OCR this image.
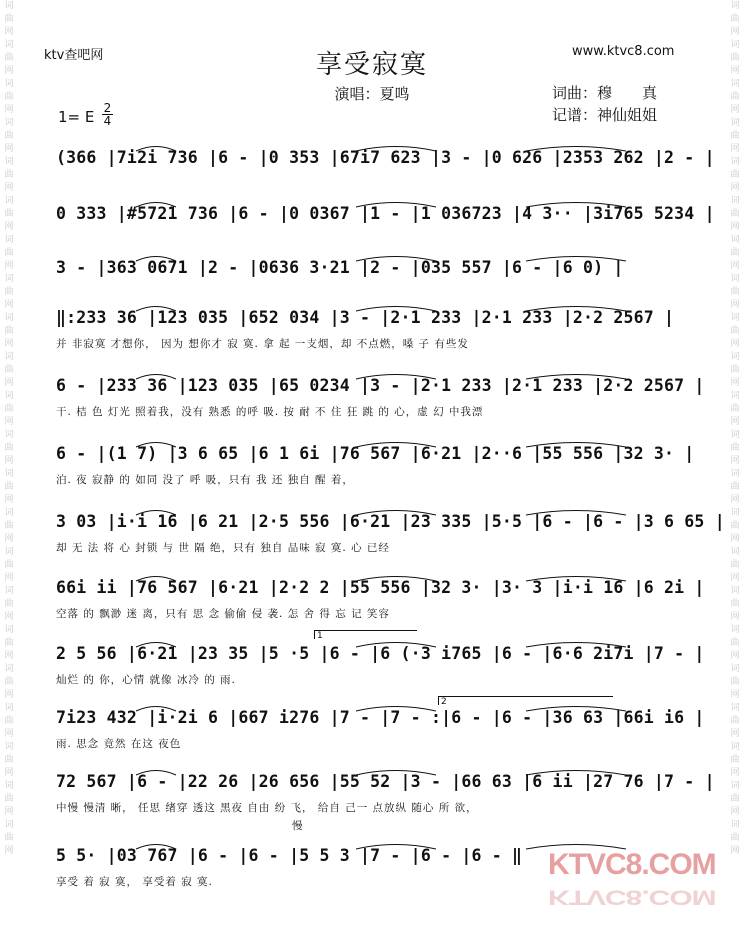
词曲网词曲网词曲网词曲网词曲网词曲网词曲网词曲网词曲网词曲网词曲网词曲网词曲网词曲网词曲网词曲网词曲网词曲网词曲网词曲网词曲网词曲网
词曲网词曲网词曲网词曲网词曲网词曲网词曲网词曲网词曲网词曲网词曲网词曲网词曲网词曲网词曲网词曲网词曲网词曲网词曲网词曲网词曲网词曲网
ktv查吧网	www.ktvc8.com
享受寂寞
演唱：夏鸣	词曲：穆　　真
记谱：神仙姐姐
1= E 2
4
(366 |7i2i 736 |6 - |0 353 |67i7 623 |3 - |0 626 |2353 262 |2 - |
0 333 |#5721 736 |6 - |0 0367 |1 - |1 036723 |4 3·· |3i765 5234 |
3 - |363 0671 |2 - |0636 3·21 |2 - |035 557 |6 - |6 0) |
‖:233 36 |123 035 |652 034 |3 - |2·1 233 |2·1 233 |2·2 2567 |
并 非寂寞 才想你， 因为 想你才 寂 寞. 拿 起 一支烟，却 不点燃，嗓 子 有些发
6 - |233 36 |123 035 |65 0234 |3 - |2·1 233 |2·1 233 |2·2 2567 |
干. 桔 色 灯光 照着我，没有 熟悉 的呼 吸. 按 耐 不 住 狂 跳 的 心，虚 幻 中我漂
6 - |(1 7) |3 6 65 |6 1 6i |76 567 |6·21 |2··6 |55 556 |32 3· |
泊. 夜 寂静 的 如同 没了 呼 吸，只有 我 还 独自 醒 着，
3 03 |i·i 16 |6 21 |2·5 556 |6·21 |23 335 |5·5 |6 - |6 - |3 6 65 |
却 无 法 将 心 封锁 与 世 隔 绝，只有 独自 品味 寂 寞. 心 已经
66i ii |76 567 |6·21 |2·2 2 |55 556 |32 3· |3· 3 |i·i 16 |6 2i |
空落 的 飘渺 迷 离，只有 思 念 偷偷 侵 袭. 怎 舍 得 忘 记 笑容
2 5 56 |6·21 |23 35 |5 ·5 |6 - |6 (·3 i765 |6 - |6·6 2i7i |7 - |
灿烂 的 你，心情 就像 冰冷 的 雨.
7i23 432 |i·2i 6 |667 i276 |7 - |7 - :|6 - |6 - |36 63 |66i i6 |
雨. 思念 竟然 在这 夜色
72 567 |6 - |22 26 |26 656 |55 52 |3 - |66 63 |6 ii |27 76 |7 - |
中慢 慢清 晰， 任思 绪穿 透这 黑夜 自由 纷 飞， 给自 己一 点放纵 随心 所 欲，
慢
5 5· |03 767 |6 - |6 - |5 5 3 |7 - |6 - |6 - ‖
享受 着 寂 寞， 享受着 寂 寞.
1
2
KTVC8.COM
KTVC8.COM
